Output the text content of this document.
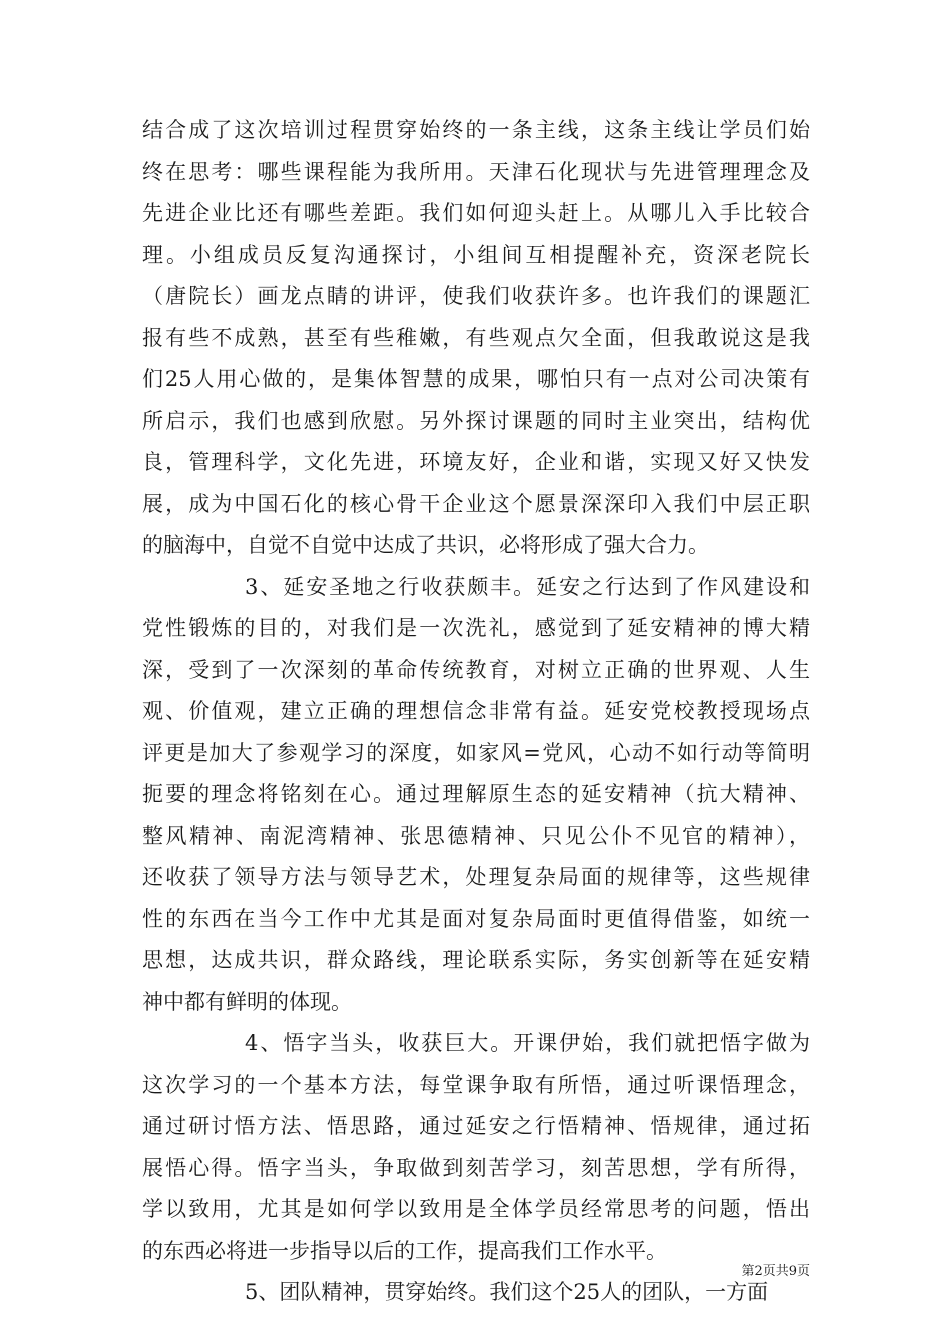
结合成了这次培训过程贯穿始终的一条主线，这条主线让学员们始
终在思考：哪些课程能为我所用。天津石化现状与先进管理理念及
先进企业比还有哪些差距。我们如何迎头赶上。从哪儿入手比较合
理。小组成员反复沟通探讨，小组间互相提醒补充，资深老院长
（唐院长）画龙点睛的讲评，使我们收获许多。也许我们的课题汇
报有些不成熟，甚至有些稚嫩，有些观点欠全面，但我敢说这是我
们25人用心做的，是集体智慧的成果，哪怕只有一点对公司决策有
所启示，我们也感到欣慰。另外探讨课题的同时主业突出，结构优
良，管理科学，文化先进，环境友好，企业和谐，实现又好又快发
展，成为中国石化的核心骨干企业这个愿景深深印入我们中层正职
的脑海中，自觉不自觉中达成了共识，必将形成了强大合力。
3、延安圣地之行收获颇丰。延安之行达到了作风建设和
党性锻炼的目的，对我们是一次洗礼，感觉到了延安精神的博大精
深，受到了一次深刻的革命传统教育，对树立正确的世界观、人生
观、价值观，建立正确的理想信念非常有益。延安党校教授现场点
评更是加大了参观学习的深度，如家风=党风，心动不如行动等简明
扼要的理念将铭刻在心。通过理解原生态的延安精神（抗大精神、
整风精神、南泥湾精神、张思德精神、只见公仆不见官的精神），
还收获了领导方法与领导艺术，处理复杂局面的规律等，这些规律
性的东西在当今工作中尤其是面对复杂局面时更值得借鉴，如统一
思想，达成共识，群众路线，理论联系实际，务实创新等在延安精
神中都有鲜明的体现。
4、悟字当头，收获巨大。开课伊始，我们就把悟字做为
这次学习的一个基本方法，每堂课争取有所悟，通过听课悟理念，
通过研讨悟方法、悟思路，通过延安之行悟精神、悟规律，通过拓
展悟心得。悟字当头，争取做到刻苦学习，刻苦思想，学有所得，
学以致用，尤其是如何学以致用是全体学员经常思考的问题，悟出
的东西必将进一步指导以后的工作，提高我们工作水平。
5、团队精神，贯穿始终。我们这个25人的团队，一方面
第2页共9页
